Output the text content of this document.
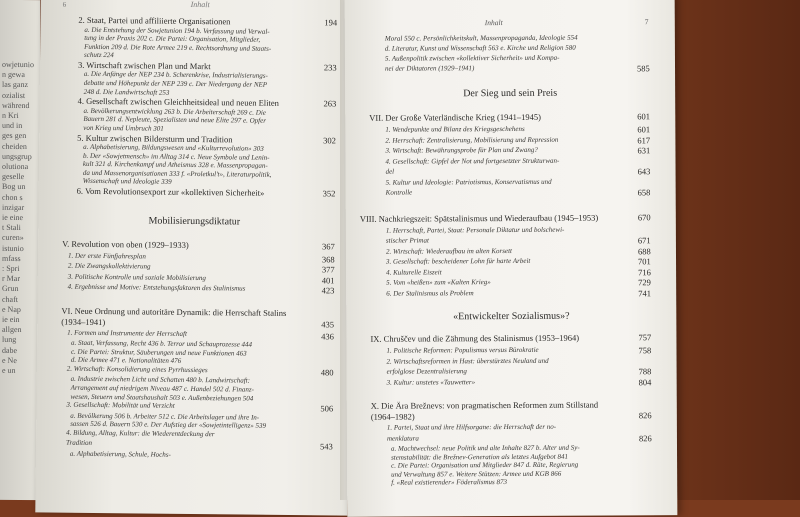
owjetunio
n gewa
las ganz
ozialist
während
n Kri
und in
ges gen
cheiden
ungsgrup
olutiona
geselle
Bog un
chon s
inzigar
ie eine
t Stali
curen»
istunio
mfass
: Spri
r Mar
Grun
chaft
e Nap
ie ein
allgen
lung
dabe
e Ne
e un
6	Inhalt
2. Staat, Partei und affiliierte Organisationen	194
a. Die Entstehung der Sowjetunion 194 b. Verfassung und Verwal-
tung in der Praxis 202 c. Die Partei: Organisation, Mitglieder,
Funktion 209 d. Die Rote Armee 219 e. Rechtsordnung und Staats-
schutz 224
3. Wirtschaft zwischen Plan und Markt	233
a. Die Anfänge der NEP 234 b. Scherenkrise, Industrialisierungs-
debatte und Höhepunkt der NEP 239 c. Der Niedergang der NEP
248 d. Die Landwirtschaft 253
4. Gesellschaft zwischen Gleichheitsideal und neuen Eliten	263
a. Bevölkerungsentwicklung 263 b. Die Arbeiterschaft 269 c. Die
Bauern 281 d. Nepleute, Spezialisten und neue Elite 297 e. Opfer
von Krieg und Umbruch 301
5. Kultur zwischen Bildersturm und Tradition	302
a. Alphabetisierung, Bildungswesen und «Kulturrevolution» 303
b. Der «Sowjetmensch» im Alltag 314 c. Neue Symbole und Lenin-
kult 321 d. Kirchenkampf und Atheismus 328 e. Massenpropagan-
da und Massenorganisationen 333 f. «Proletkul't», Literaturpolitik,
Wissenschaft und Ideologie 339
6. Vom Revolutionsexport zur «kollektiven Sicherheit»	352
Mobilisierungsdiktatur
V. Revolution von oben (1929–1933)	367
1. Der erste Fünfjahresplan	368
2. Die Zwangskollektivierung	377
3. Politische Kontrolle und soziale Mobilisierung	401
4. Ergebnisse und Motive: Entstehungsfaktoren des Stalinismus	423
VI. Neue Ordnung und autoritäre Dynamik: die Herrschaft Stalins
(1934–1941)	435
1. Formen und Instrumente der Herrschaft	436
a. Staat, Verfassung, Recht 436 b. Terror und Schauprozesse 444
c. Die Partei: Struktur, Säuberungen und neue Funktionen 463
d. Die Armee 471 e. Nationalitäten 476
2. Wirtschaft: Konsolidierung eines Pyrrhussieges	480
a. Industrie zwischen Licht und Schatten 480 b. Landwirtschaft:
Arrangement auf niedrigem Niveau 487 c. Handel 502 d. Finanz-
wesen, Steuern und Staatshaushalt 503 e. Außenbeziehungen 504
3. Gesellschaft: Mobilität und Verzicht	506
a. Bevölkerung 506 b. Arbeiter 512 c. Die Arbeitslager und ihre In-
sassen 526 d. Bauern 530 e. Der Aufstieg der «Sowjetintelligenz» 539
4. Bildung, Alltag, Kultur: die Wiederentdeckung der
Tradition	543
a. Alphabetisierung, Schule, Hochs-
Inhalt	7
Moral 550 c. Persönlichkeitskult, Massenpropaganda, Ideologie 554
d. Literatur, Kunst und Wissenschaft 563 e. Kirche und Religion 580
5. Außenpolitik zwischen «kollektiver Sicherheit» und Kompa-
nei der Diktatoren (1929–1941)	585
Der Sieg und sein Preis
VII. Der Große Vaterländische Krieg (1941–1945)	601
1. Wendepunkte und Bilanz des Kriegsgeschehens	601
2. Herrschaft: Zentralisierung, Mobilisierung und Repression	617
3. Wirtschaft: Bewährungsprobe für Plan und Zwang?	631
4. Gesellschaft: Gipfel der Not und fortgesetzter Strukturwan-
del	643
5. Kultur und Ideologie: Patriotismus, Konservatismus und
Kontrolle	658
VIII. Nachkriegszeit: Spätstalinismus und Wiederaufbau (1945–1953)	670
1. Herrschaft, Partei, Staat: Personale Diktatur und bolschewi-
stischer Primat	671
2. Wirtschaft: Wiederaufbau im alten Korsett	688
3. Gesellschaft: bescheidener Lohn für harte Arbeit	701
4. Kulturelle Eiszeit	716
5. Vom «heißen» zum «Kalten Krieg»	729
6. Der Stalinismus als Problem	741
«Entwickelter Sozialismus»?
IX. Chruščev und die Zähmung des Stalinismus (1953–1964)	757
1. Politische Reformen: Populismus versus Bürokratie	758
2. Wirtschaftsreformen in Hast: überstürztes Neuland und
erfolglose Dezentralisierung	788
3. Kultur: unstetes «Tauwetter»	804
X. Die Ära Brežnevs: von pragmatischen Reformen zum Stillstand
(1964–1982)	826
1. Partei, Staat und ihre Hilfsorgane: die Herrschaft der no-
menklatura	826
a. Machtwechsel: neue Politik und alte Inhalte 827 b. Alter und Sy-
stemstabilität: die Brežnev-Generation als letztes Aufgebot 841
c. Die Partei: Organisation und Mitglieder 847 d. Räte, Regierung
und Verwaltung 857 e. Weitere Stützen: Armee und KGB 866
f. «Real existierender» Föderalismus 873
